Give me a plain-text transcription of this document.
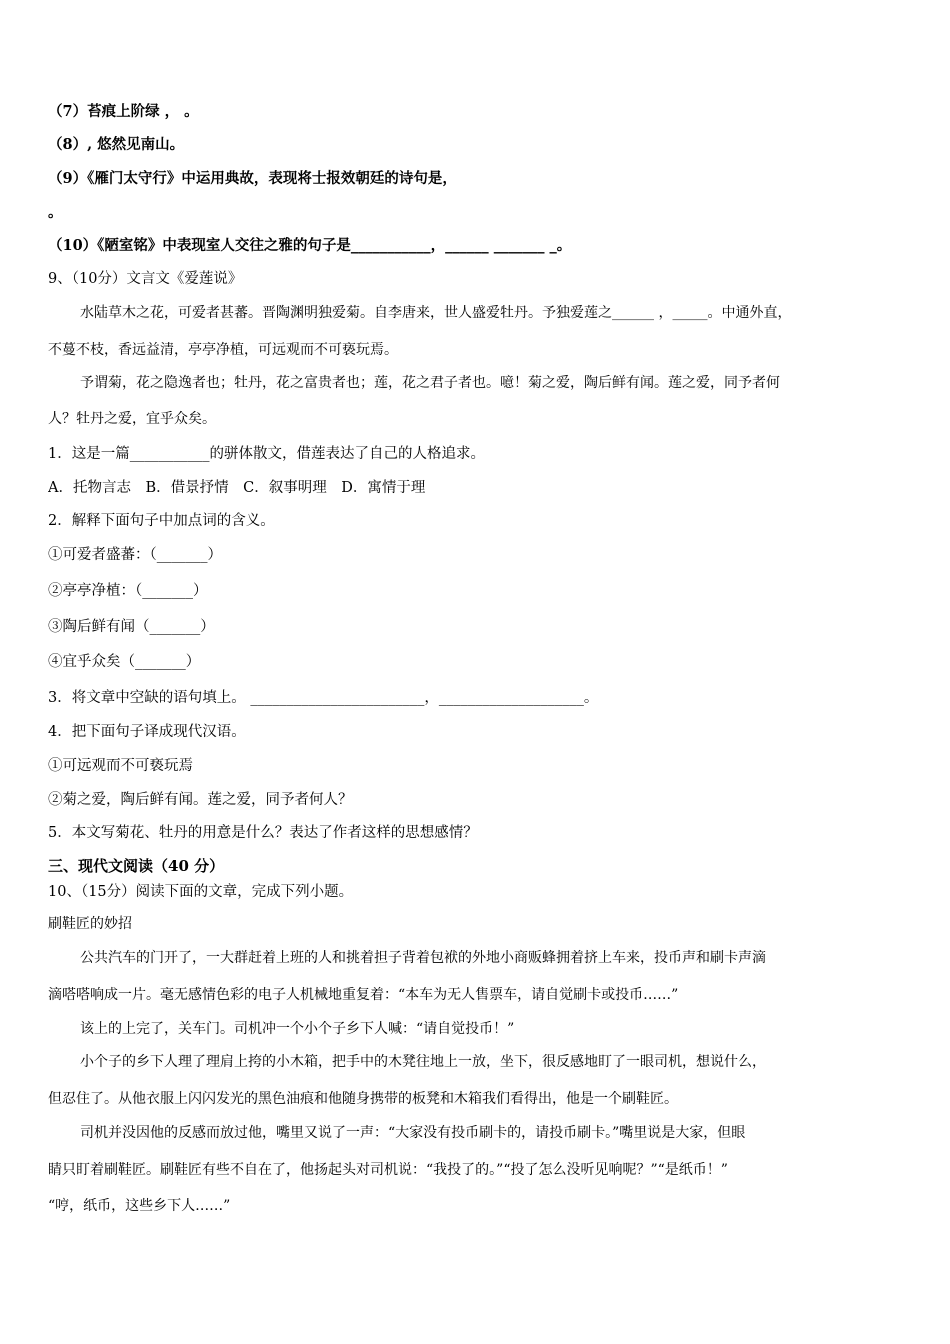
（7）苔痕上阶绿 ， 。
（8）, 悠然见南山。
（9）《雁门太守行》中运用典故，表现将士报效朝廷的诗句是，
。
（10）《陋室铭》中表现室人交往之雅的句子是___________，______ _______ _。
9、（10分）文言文《爱莲说》
水陆草木之花，可爱者甚蕃。晋陶渊明独爱菊。自李唐来，世人盛爱牡丹。予独爱莲之______ ，_____。中通外直，
不蔓不枝，香远益清，亭亭净植，可远观而不可亵玩焉。
予谓菊，花之隐逸者也；牡丹，花之富贵者也；莲，花之君子者也。噫！菊之爱，陶后鲜有闻。莲之爱，同予者何
人？牡丹之爱，宜乎众矣。
1．这是一篇___________的骈体散文，借莲表达了自己的人格追求。
A．托物言志　B．借景抒情　C．叙事明理　D．寓情于理
2．解释下面句子中加点词的含义。
①可爱者盛蕃：（_______）
②亭亭净植：（_______）
③陶后鲜有闻（_______）
④宜乎众矣（_______）
3．将文章中空缺的语句填上。 ________________________，____________________。
4．把下面句子译成现代汉语。
①可远观而不可亵玩焉
②菊之爱，陶后鲜有闻。莲之爱，同予者何人？
5．本文写菊花、牡丹的用意是什么？表达了作者这样的思想感情？
三、现代文阅读（40 分）
10、（15分）阅读下面的文章，完成下列小题。
刷鞋匠的妙招
公共汽车的门开了，一大群赶着上班的人和挑着担子背着包袱的外地小商贩蜂拥着挤上车来，投币声和刷卡声滴
滴嗒嗒响成一片。毫无感情色彩的电子人机械地重复着：“本车为无人售票车，请自觉刷卡或投币……”
该上的上完了，关车门。司机冲一个小个子乡下人喊：“请自觉投币！”
小个子的乡下人理了理肩上挎的小木箱，把手中的木凳往地上一放，坐下，很反感地盯了一眼司机，想说什么，
但忍住了。从他衣服上闪闪发光的黑色油痕和他随身携带的板凳和木箱我们看得出，他是一个刷鞋匠。
司机并没因他的反感而放过他，嘴里又说了一声：“大家没有投币刷卡的，请投币刷卡。”嘴里说是大家，但眼
睛只盯着刷鞋匠。刷鞋匠有些不自在了，他扬起头对司机说：“我投了的。”“投了怎么没听见响呢？”“是纸币！”
“哼，纸币，这些乡下人……”
